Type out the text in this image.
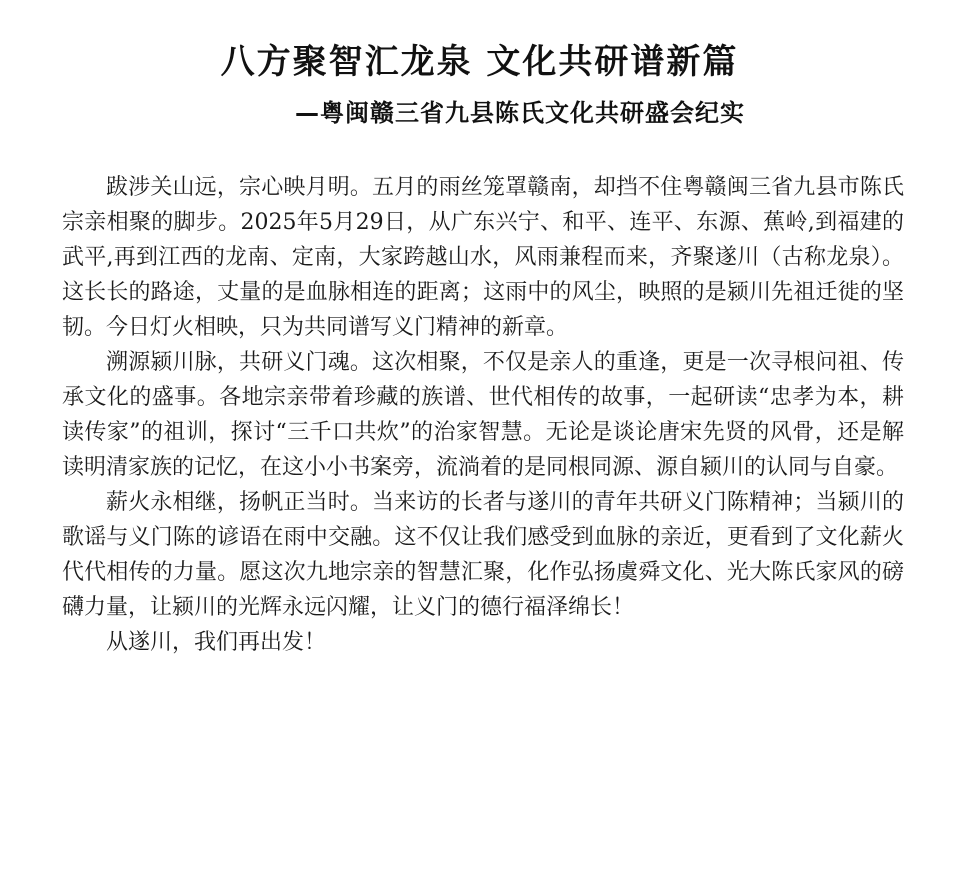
八方聚智汇龙泉 文化共研谱新篇
—粤闽赣三省九县陈氏文化共研盛会纪实

跋涉关山远，宗心映月明。五月的雨丝笼罩赣南，却挡不住粤赣闽三省九县市陈氏宗亲相聚的脚步。2025年5月29日，从广东兴宁、和平、连平、东源、蕉岭,到福建的武平,再到江西的龙南、定南，大家跨越山水，风雨兼程而来，齐聚遂川（古称龙泉）。这长长的路途，丈量的是血脉相连的距离；这雨中的风尘，映照的是颍川先祖迁徙的坚韧。今日灯火相映，只为共同谱写义门精神的新章。

溯源颍川脉，共研义门魂。这次相聚，不仅是亲人的重逢，更是一次寻根问祖、传承文化的盛事。各地宗亲带着珍藏的族谱、世代相传的故事，一起研读“忠孝为本，耕读传家”的祖训，探讨“三千口共炊”的治家智慧。无论是谈论唐宋先贤的风骨，还是解读明清家族的记忆，在这小小书案旁，流淌着的是同根同源、源自颍川的认同与自豪。

薪火永相继，扬帆正当时。当来访的长者与遂川的青年共研义门陈精神；当颍川的歌谣与义门陈的谚语在雨中交融。这不仅让我们感受到血脉的亲近，更看到了文化薪火代代相传的力量。愿这次九地宗亲的智慧汇聚，化作弘扬虞舜文化、光大陈氏家风的磅礴力量，让颍川的光辉永远闪耀，让义门的德行福泽绵长！

从遂川，我们再出发！
